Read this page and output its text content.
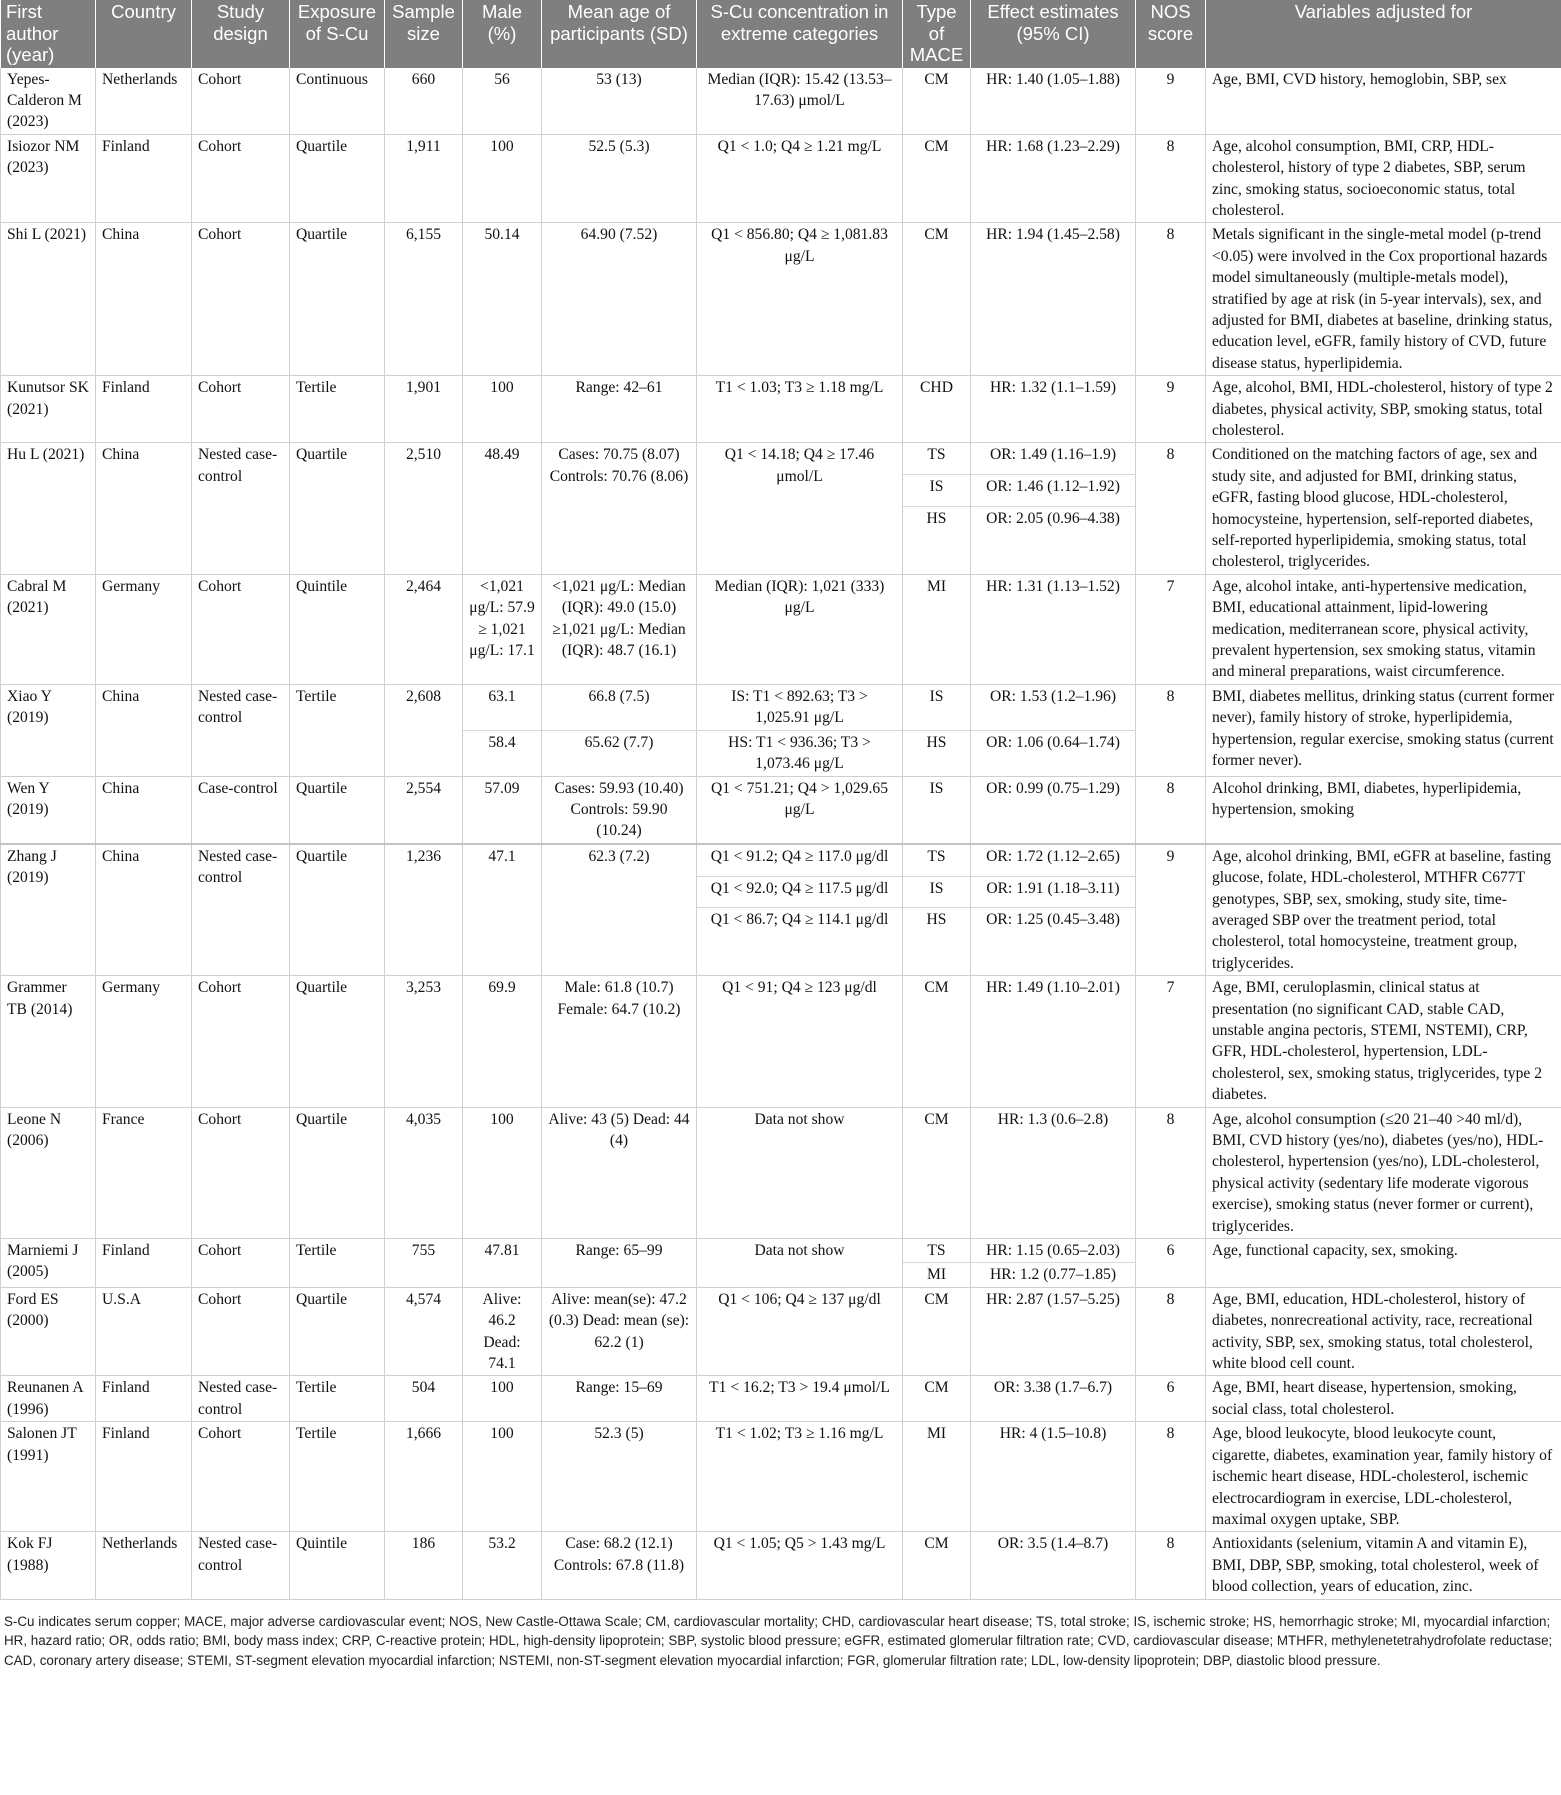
First author (year)	Country	Study design	Exposure of S-Cu	Sample size	Male (%)	Mean age of participants (SD)	S-Cu concentration in extreme categories	Type of MACE	Effect estimates (95% CI)	NOS score	Variables adjusted for
Yepes-Calderon M (2023)	Netherlands	Cohort	Continuous	660	56	53 (13)	Median (IQR): 15.42 (13.53–17.63) μmol/L	CM	HR: 1.40 (1.05–1.88)	9	Age, BMI, CVD history, hemoglobin, SBP, sex
Isiozor NM (2023)	Finland	Cohort	Quartile	1,911	100	52.5 (5.3)	Q1 < 1.0; Q4 ≥ 1.21 mg/L	CM	HR: 1.68 (1.23–2.29)	8	Age, alcohol consumption, BMI, CRP, HDL-cholesterol, history of type 2 diabetes, SBP, serum zinc, smoking status, socioeconomic status, total cholesterol.
Shi L (2021)	China	Cohort	Quartile	6,155	50.14	64.90 (7.52)	Q1 < 856.80; Q4 ≥ 1,081.83 μg/L	CM	HR: 1.94 (1.45–2.58)	8	Metals significant in the single-metal model (p-trend <0.05) were involved in the Cox proportional hazards model simultaneously (multiple-metals model), stratified by age at risk (in 5-year intervals), sex, and adjusted for BMI, diabetes at baseline, drinking status, education level, eGFR, family history of CVD, future disease status, hyperlipidemia.
Kunutsor SK (2021)	Finland	Cohort	Tertile	1,901	100	Range: 42–61	T1 < 1.03; T3 ≥ 1.18 mg/L	CHD	HR: 1.32 (1.1–1.59)	9	Age, alcohol, BMI, HDL-cholesterol, history of type 2 diabetes, physical activity, SBP, smoking status, total cholesterol.
Hu L (2021)	China	Nested case-control	Quartile	2,510	48.49	Cases: 70.75 (8.07) Controls: 70.76 (8.06)	Q1 < 14.18; Q4 ≥ 17.46 μmol/L	TS	OR: 1.49 (1.16–1.9)	8	Conditioned on the matching factors of age, sex and study site, and adjusted for BMI, drinking status, eGFR, fasting blood glucose, HDL-cholesterol, homocysteine, hypertension, self-reported diabetes, self-reported hyperlipidemia, smoking status, total cholesterol, triglycerides.
								IS	OR: 1.46 (1.12–1.92)		
								HS	OR: 2.05 (0.96–4.38)		
Cabral M (2021)	Germany	Cohort	Quintile	2,464	<1,021 μg/L: 57.9 ≥ 1,021 μg/L: 17.1	<1,021 μg/L: Median (IQR): 49.0 (15.0) ≥1,021 μg/L: Median (IQR): 48.7 (16.1)	Median (IQR): 1,021 (333) μg/L	MI	HR: 1.31 (1.13–1.52)	7	Age, alcohol intake, anti-hypertensive medication, BMI, educational attainment, lipid-lowering medication, mediterranean score, physical activity, prevalent hypertension, sex smoking status, vitamin and mineral preparations, waist circumference.
Xiao Y (2019)	China	Nested case-control	Tertile	2,608	63.1	66.8 (7.5)	IS: T1 < 892.63; T3 > 1,025.91 μg/L	IS	OR: 1.53 (1.2–1.96)	8	BMI, diabetes mellitus, drinking status (current former never), family history of stroke, hyperlipidemia, hypertension, regular exercise, smoking status (current former never).
					58.4	65.62 (7.7)	HS: T1 < 936.36; T3 > 1,073.46 μg/L	HS	OR: 1.06 (0.64–1.74)		
Wen Y (2019)	China	Case-control	Quartile	2,554	57.09	Cases: 59.93 (10.40) Controls: 59.90 (10.24)	Q1 < 751.21; Q4 > 1,029.65 μg/L	IS	OR: 0.99 (0.75–1.29)	8	Alcohol drinking, BMI, diabetes, hyperlipidemia, hypertension, smoking
Zhang J (2019)	China	Nested case-control	Quartile	1,236	47.1	62.3 (7.2)	Q1 < 91.2; Q4 ≥ 117.0 μg/dl	TS	OR: 1.72 (1.12–2.65)	9	Age, alcohol drinking, BMI, eGFR at baseline, fasting glucose, folate, HDL-cholesterol, MTHFR C677T genotypes, SBP, sex, smoking, study site, time-averaged SBP over the treatment period, total cholesterol, total homocysteine, treatment group, triglycerides.
							Q1 < 92.0; Q4 ≥ 117.5 μg/dl	IS	OR: 1.91 (1.18–3.11)		
							Q1 < 86.7; Q4 ≥ 114.1 μg/dl	HS	OR: 1.25 (0.45–3.48)		
Grammer TB (2014)	Germany	Cohort	Quartile	3,253	69.9	Male: 61.8 (10.7) Female: 64.7 (10.2)	Q1 < 91; Q4 ≥ 123 μg/dl	CM	HR: 1.49 (1.10–2.01)	7	Age, BMI, ceruloplasmin, clinical status at presentation (no significant CAD, stable CAD, unstable angina pectoris, STEMI, NSTEMI), CRP, GFR, HDL-cholesterol, hypertension, LDL-cholesterol, sex, smoking status, triglycerides, type 2 diabetes.
Leone N (2006)	France	Cohort	Quartile	4,035	100	Alive: 43 (5) Dead: 44 (4)	Data not show	CM	HR: 1.3 (0.6–2.8)	8	Age, alcohol consumption (≤20 21–40 >40 ml/d), BMI, CVD history (yes/no), diabetes (yes/no), HDL-cholesterol, hypertension (yes/no), LDL-cholesterol, physical activity (sedentary life moderate vigorous exercise), smoking status (never former or current), triglycerides.
Marniemi J (2005)	Finland	Cohort	Tertile	755	47.81	Range: 65–99	Data not show	TS	HR: 1.15 (0.65–2.03)	6	Age, functional capacity, sex, smoking.
								MI	HR: 1.2 (0.77–1.85)		
Ford ES (2000)	U.S.A	Cohort	Quartile	4,574	Alive: 46.2 Dead: 74.1	Alive: mean(se): 47.2 (0.3) Dead: mean (se): 62.2 (1)	Q1 < 106; Q4 ≥ 137 μg/dl	CM	HR: 2.87 (1.57–5.25)	8	Age, BMI, education, HDL-cholesterol, history of diabetes, nonrecreational activity, race, recreational activity, SBP, sex, smoking status, total cholesterol, white blood cell count.
Reunanen A (1996)	Finland	Nested case-control	Tertile	504	100	Range: 15–69	T1 < 16.2; T3 > 19.4 μmol/L	CM	OR: 3.38 (1.7–6.7)	6	Age, BMI, heart disease, hypertension, smoking, social class, total cholesterol.
Salonen JT (1991)	Finland	Cohort	Tertile	1,666	100	52.3 (5)	T1 < 1.02; T3 ≥ 1.16 mg/L	MI	HR: 4 (1.5–10.8)	8	Age, blood leukocyte, blood leukocyte count, cigarette, diabetes, examination year, family history of ischemic heart disease, HDL-cholesterol, ischemic electrocardiogram in exercise, LDL-cholesterol, maximal oxygen uptake, SBP.
Kok FJ (1988)	Netherlands	Nested case-control	Quintile	186	53.2	Case: 68.2 (12.1) Controls: 67.8 (11.8)	Q1 < 1.05; Q5 > 1.43 mg/L	CM	OR: 3.5 (1.4–8.7)	8	Antioxidants (selenium, vitamin A and vitamin E), BMI, DBP, SBP, smoking, total cholesterol, week of blood collection, years of education, zinc.
S-Cu indicates serum copper; MACE, major adverse cardiovascular event; NOS, New Castle-Ottawa Scale; CM, cardiovascular mortality; CHD, cardiovascular heart disease; TS, total stroke; IS, ischemic stroke; HS, hemorrhagic stroke; MI, myocardial infarction; HR, hazard ratio; OR, odds ratio; BMI, body mass index; CRP, C-reactive protein; HDL, high-density lipoprotein; SBP, systolic blood pressure; eGFR, estimated glomerular filtration rate; CVD, cardiovascular disease; MTHFR, methylenetetrahydrofolate reductase; CAD, coronary artery disease; STEMI, ST-segment elevation myocardial infarction; NSTEMI, non-ST-segment elevation myocardial infarction; FGR, glomerular filtration rate; LDL, low-density lipoprotein; DBP, diastolic blood pressure.
